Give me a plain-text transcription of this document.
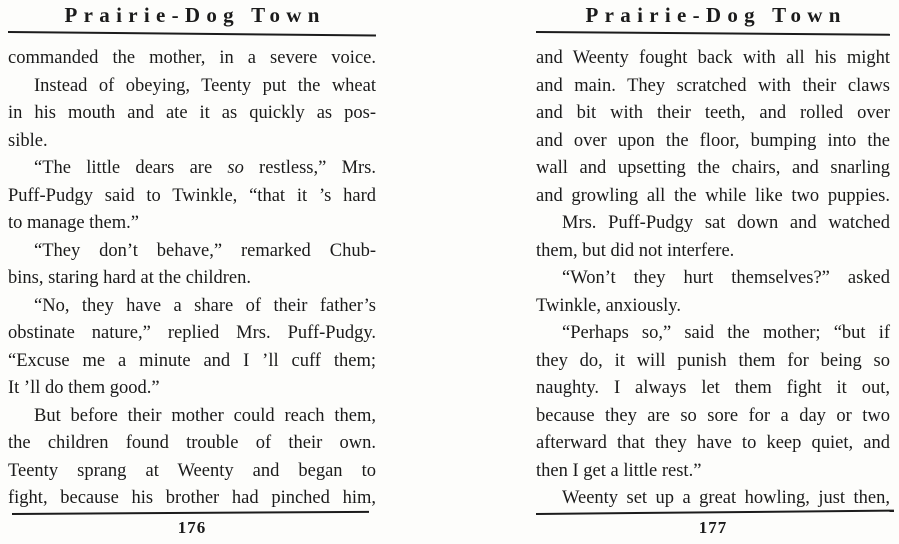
Prairie-Dog Town
commanded the mother, in a severe voice.
Instead of obeying, Teenty put the wheat
in his mouth and ate it as quickly as pos-
sible.
“The little dears are so restless,” Mrs.
Puff-Pudgy said to Twinkle, “that it ’s hard
to manage them.”
“They don’t behave,” remarked Chub-
bins, staring hard at the children.
“No, they have a share of their father’s
obstinate nature,” replied Mrs. Puff-Pudgy.
“Excuse me a minute and I ’ll cuff them;
It ’ll do them good.”
But before their mother could reach them,
the children found trouble of their own.
Teenty sprang at Weenty and began to
fight, because his brother had pinched him,
176
Prairie-Dog Town
and Weenty fought back with all his might
and main. They scratched with their claws
and bit with their teeth, and rolled over
and over upon the floor, bumping into the
wall and upsetting the chairs, and snarling
and growling all the while like two puppies.
Mrs. Puff-Pudgy sat down and watched
them, but did not interfere.
“Won’t they hurt themselves?” asked
Twinkle, anxiously.
“Perhaps so,” said the mother; “but if
they do, it will punish them for being so
naughty. I always let them fight it out,
because they are so sore for a day or two
afterward that they have to keep quiet, and
then I get a little rest.”
Weenty set up a great howling, just then,
177
